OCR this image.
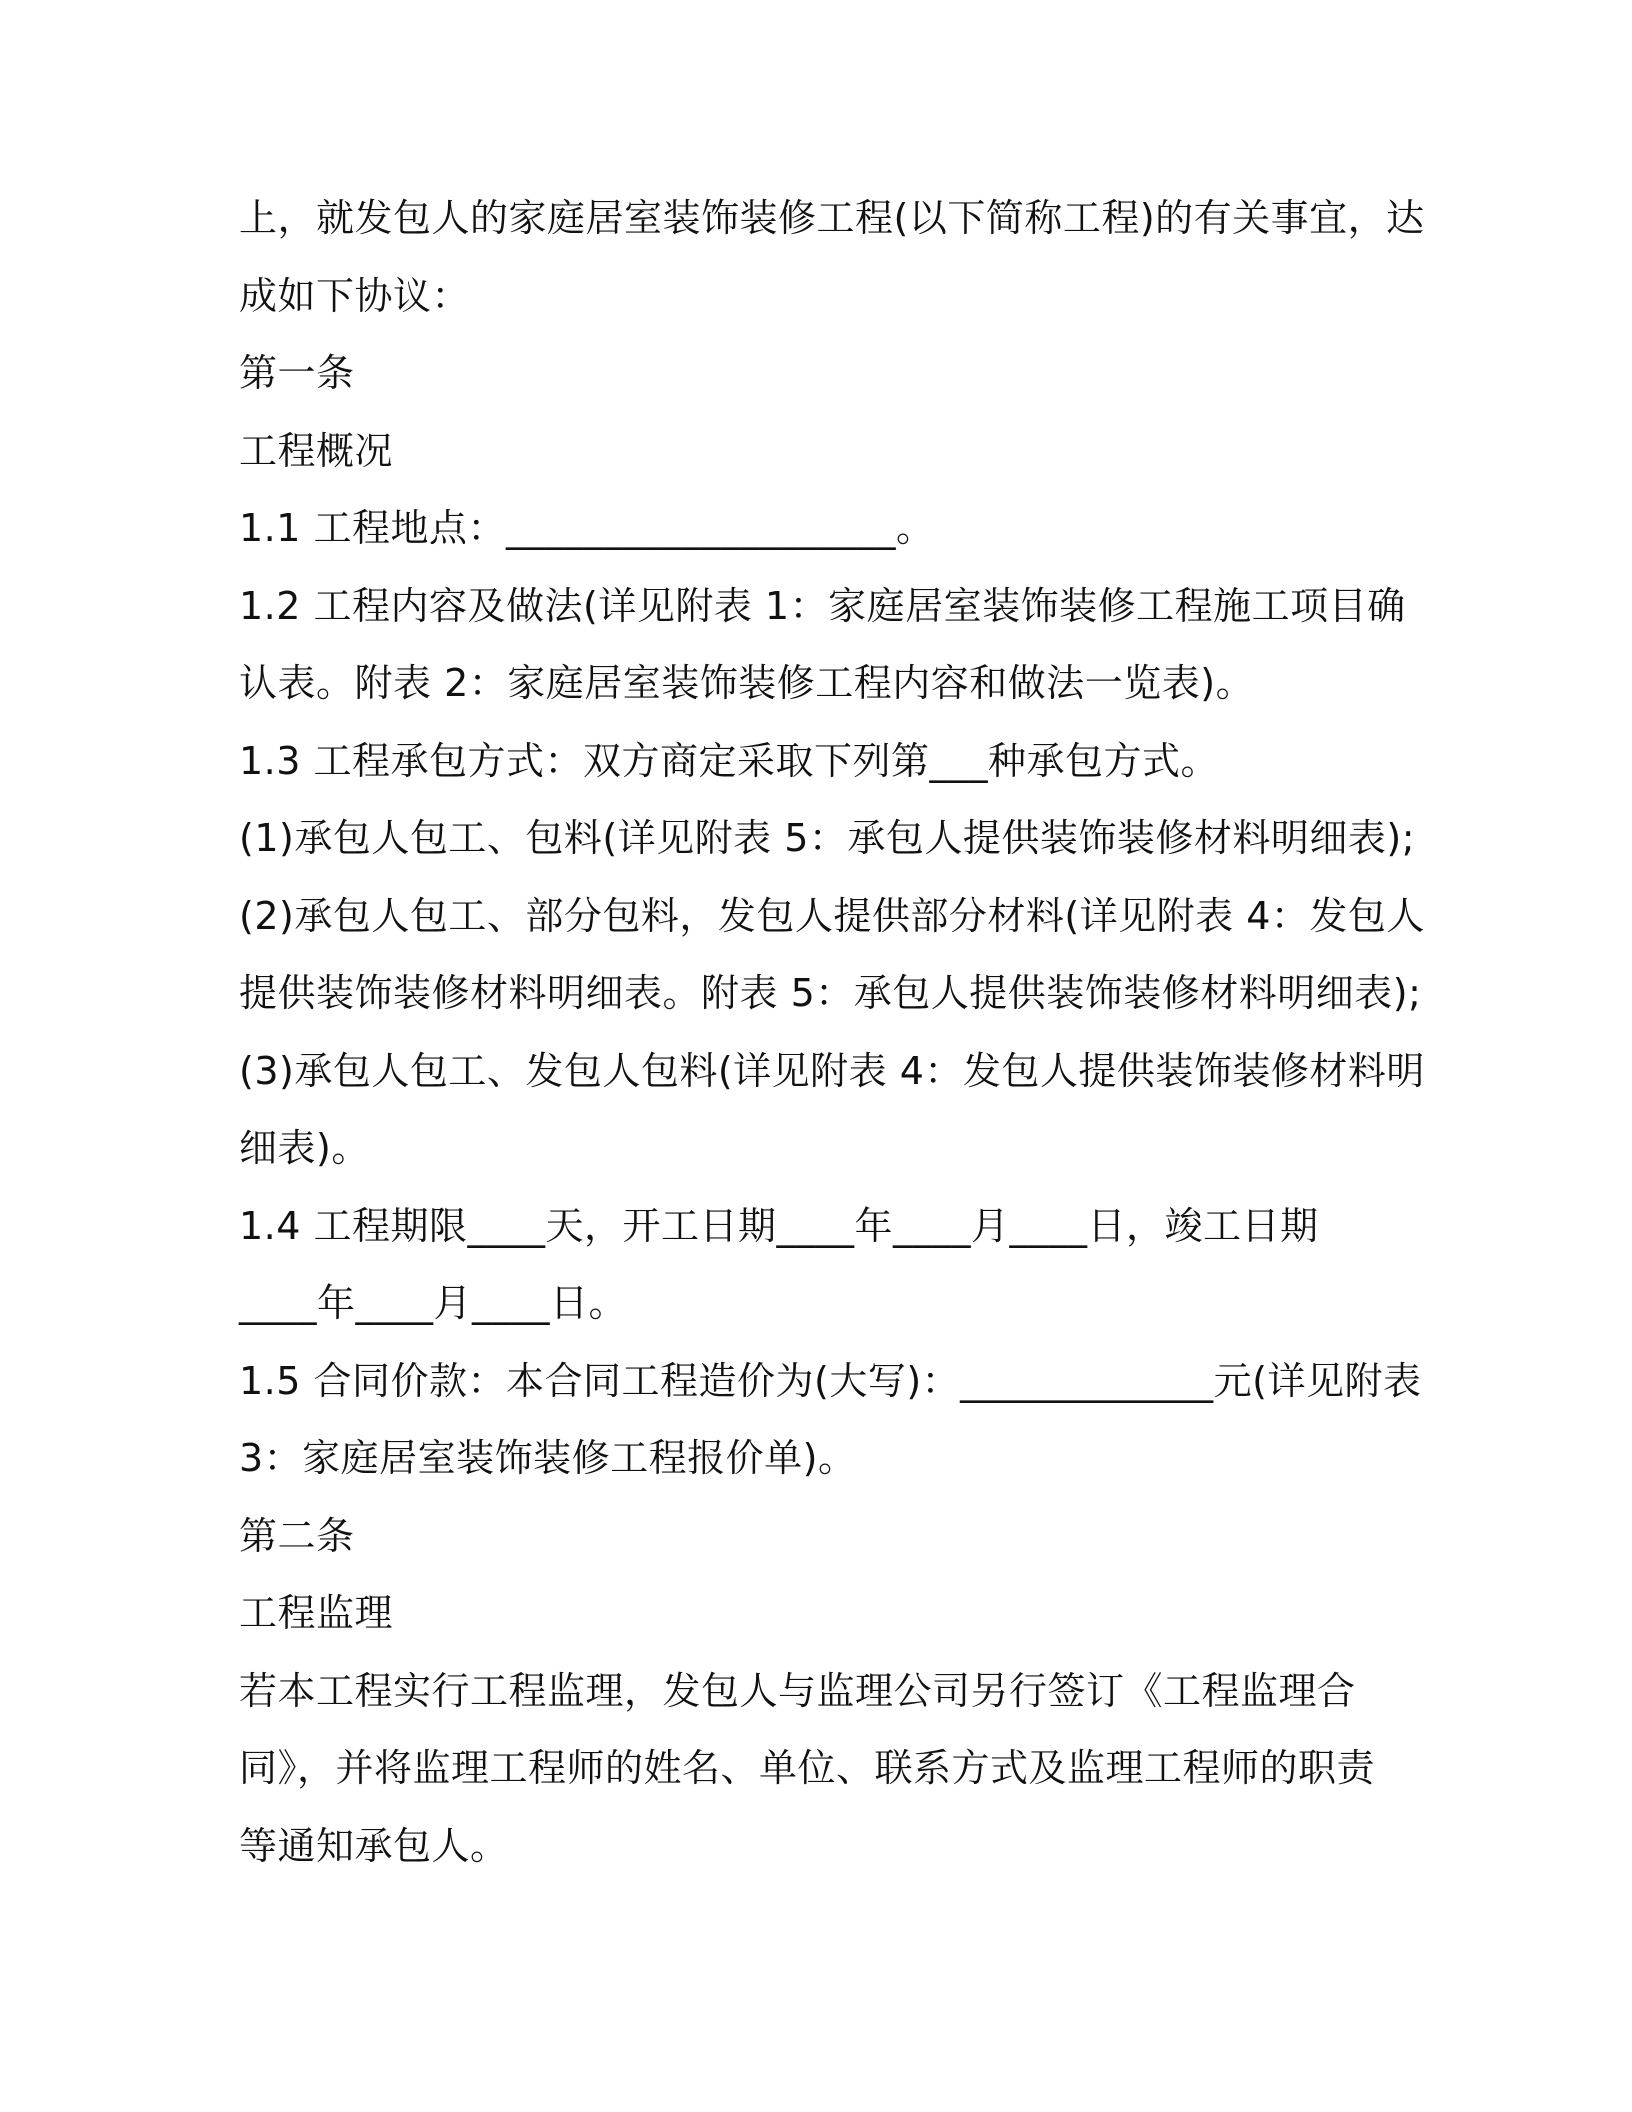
上，就发包人的家庭居室装饰装修工程(以下简称工程)的有关事宜，达
成如下协议：
第一条
工程概况
1.1 工程地点：____________________。
1.2 工程内容及做法(详见附表 1：家庭居室装饰装修工程施工项目确
认表。附表 2：家庭居室装饰装修工程内容和做法一览表)。
1.3 工程承包方式：双方商定采取下列第___种承包方式。
(1)承包人包工、包料(详见附表 5：承包人提供装饰装修材料明细表);
(2)承包人包工、部分包料，发包人提供部分材料(详见附表 4：发包人
提供装饰装修材料明细表。附表 5：承包人提供装饰装修材料明细表);
(3)承包人包工、发包人包料(详见附表 4：发包人提供装饰装修材料明
细表)。
1.4 工程期限____天，开工日期____年____月____日，竣工日期
____年____月____日。
1.5 合同价款：本合同工程造价为(大写)：_____________元(详见附表
3：家庭居室装饰装修工程报价单)。
第二条
工程监理
若本工程实行工程监理，发包人与监理公司另行签订《工程监理合
同》，并将监理工程师的姓名、单位、联系方式及监理工程师的职责
等通知承包人。
